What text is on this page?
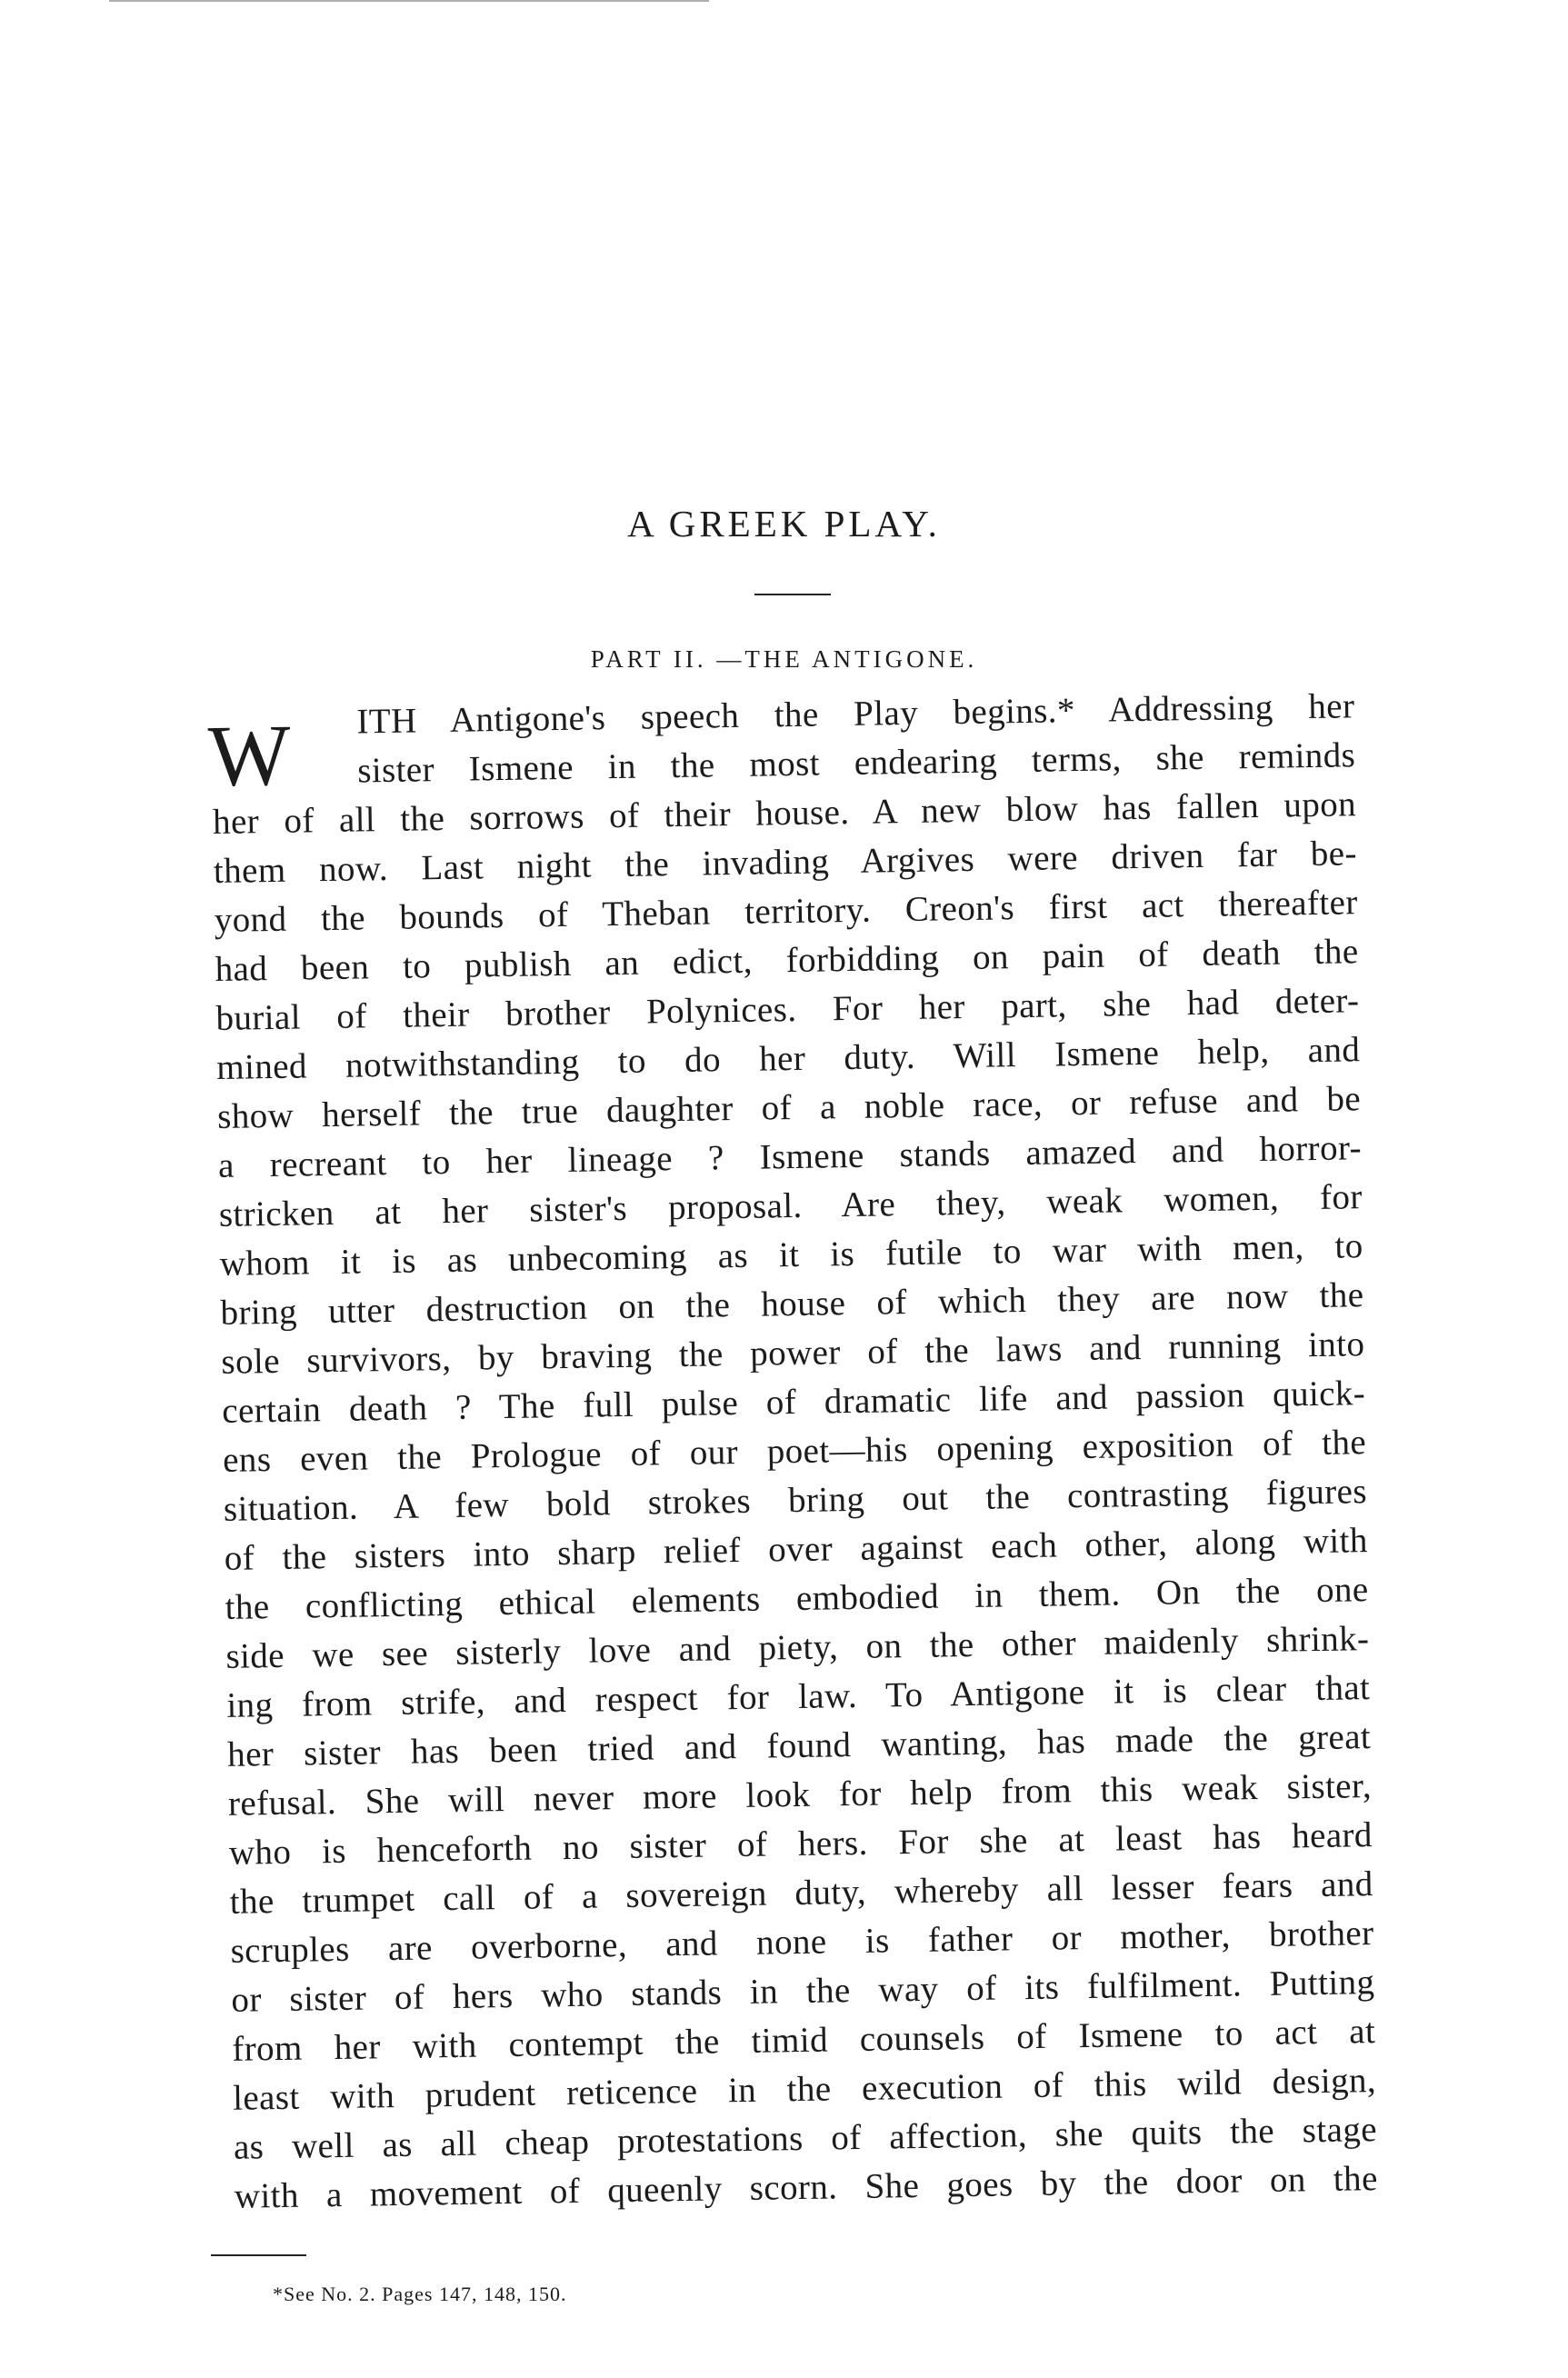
A GREEK PLAY.
PART II. —THE ANTIGONE.
W ITH Antigone's speech the Play begins.* Addressing her
sister Ismene in the most endearing terms, she reminds
her of all the sorrows of their house. A new blow has fallen upon
them now. Last night the invading Argives were driven far be-
yond the bounds of Theban territory. Creon's first act thereafter
had been to publish an edict, forbidding on pain of death the
burial of their brother Polynices. For her part, she had deter-
mined notwithstanding to do her duty. Will Ismene help, and
show herself the true daughter of a noble race, or refuse and be
a recreant to her lineage ? Ismene stands amazed and horror-
stricken at her sister's proposal. Are they, weak women, for
whom it is as unbecoming as it is futile to war with men, to
bring utter destruction on the house of which they are now the
sole survivors, by braving the power of the laws and running into
certain death ? The full pulse of dramatic life and passion quick-
ens even the Prologue of our poet—his opening exposition of the
situation. A few bold strokes bring out the contrasting figures
of the sisters into sharp relief over against each other, along with
the conflicting ethical elements embodied in them. On the one
side we see sisterly love and piety, on the other maidenly shrink-
ing from strife, and respect for law. To Antigone it is clear that
her sister has been tried and found wanting, has made the great
refusal. She will never more look for help from this weak sister,
who is henceforth no sister of hers. For she at least has heard
the trumpet call of a sovereign duty, whereby all lesser fears and
scruples are overborne, and none is father or mother, brother
or sister of hers who stands in the way of its fulfilment. Putting
from her with contempt the timid counsels of Ismene to act at
least with prudent reticence in the execution of this wild design,
as well as all cheap protestations of affection, she quits the stage
with a movement of queenly scorn. She goes by the door on the
*See No. 2. Pages 147, 148, 150.
